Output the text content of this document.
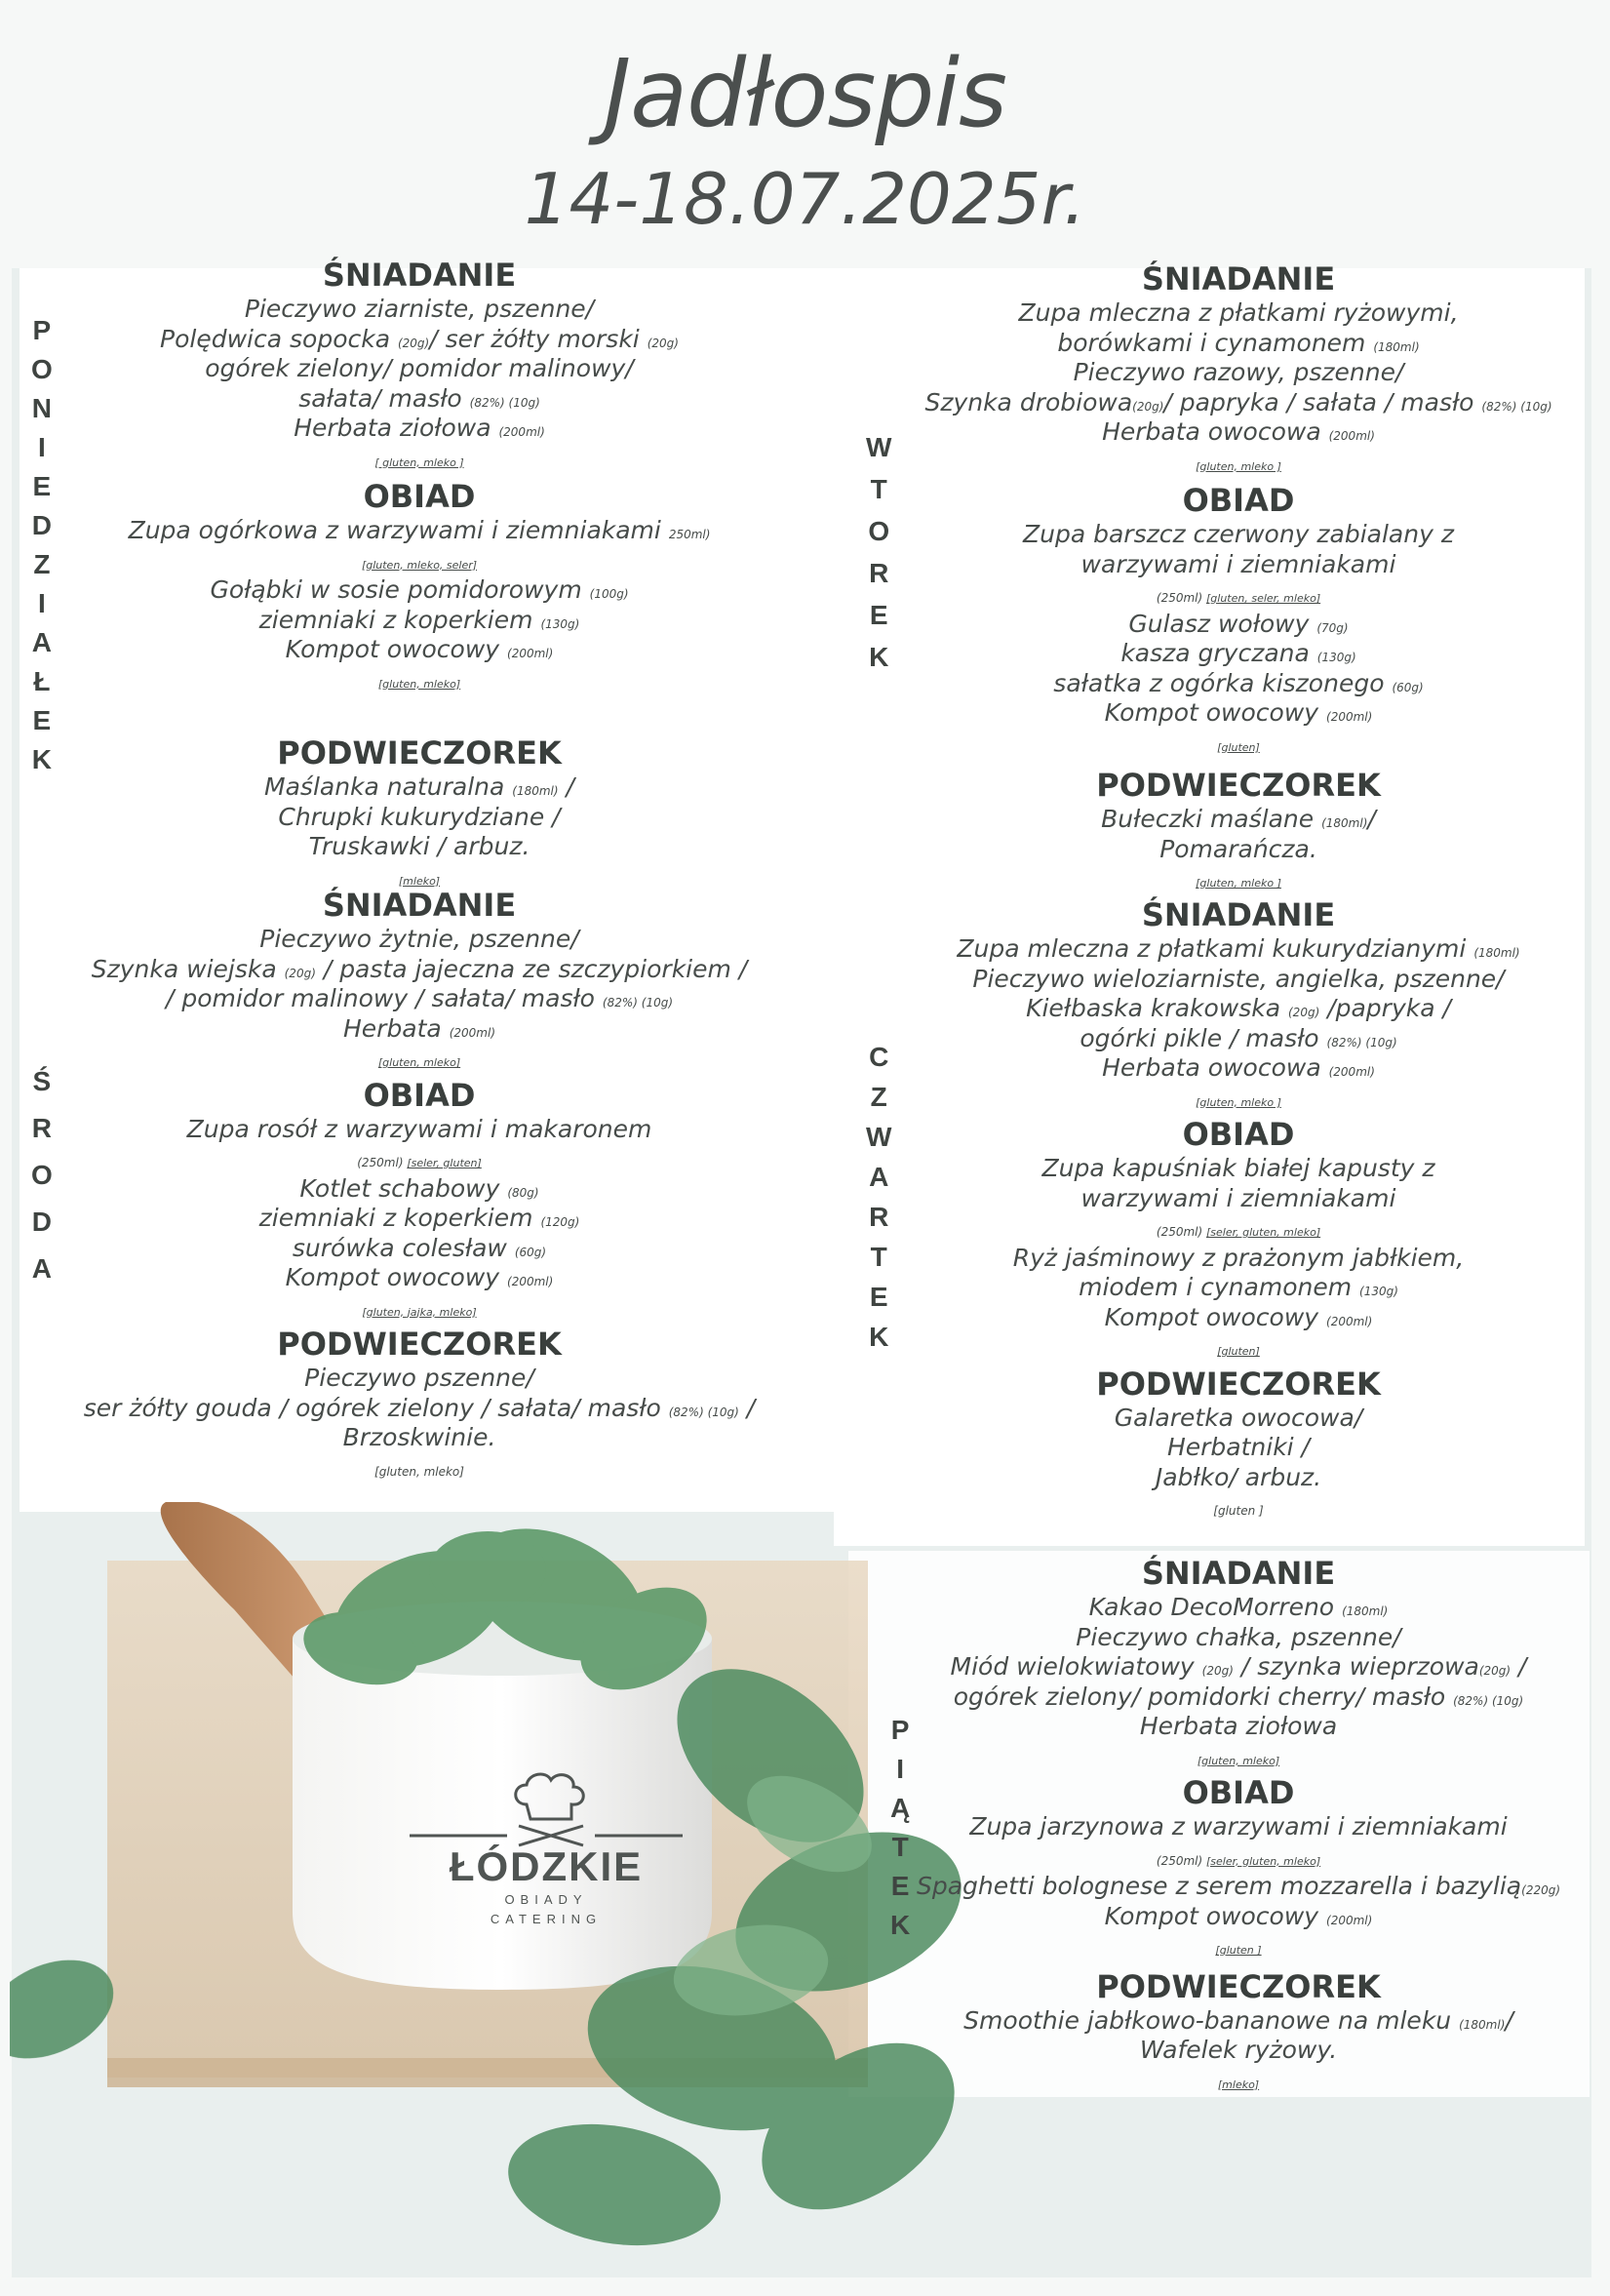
ŁÓDZKIE
OBIADY
CATERING
Jadłospis
14-18.07.2025r.
P
O
N
I
E
D
Z
I
A
Ł
E
K
W
T
O
R
E
K
Ś
R
O
D
A
C
Z
W
A
R
T
E
K
P
I
Ą
T
E
K
ŚNIADANIE
Pieczywo ziarniste, pszenne/
Polędwica sopocka (20g)/ ser żółty morski (20g)
ogórek zielony/ pomidor malinowy/
sałata/ masło (82%) (10g)
Herbata ziołowa (200ml)
[ gluten, mleko ]
OBIAD
Zupa ogórkowa z warzywami i ziemniakami 250ml)
[gluten, mleko, seler]
Gołąbki w sosie pomidorowym (100g)
ziemniaki z koperkiem (130g)
Kompot owocowy (200ml)
[gluten, mleko]
PODWIECZOREK
Maślanka naturalna (180ml) /
Chrupki kukurydziane /
Truskawki / arbuz.
[mleko]
ŚNIADANIE
Zupa mleczna z płatkami ryżowymi,
borówkami i cynamonem (180ml)
Pieczywo razowy, pszenne/
Szynka drobiowa(20g)/ papryka / sałata / masło (82%) (10g)
Herbata owocowa (200ml)
[gluten, mleko ]
OBIAD
Zupa barszcz czerwony zabialany z
warzywami i ziemniakami
(250ml) [gluten, seler, mleko]
Gulasz wołowy (70g)
kasza gryczana (130g)
sałatka z ogórka kiszonego (60g)
Kompot owocowy (200ml)
[gluten]
PODWIECZOREK
Bułeczki maślane (180ml)/
Pomarańcza.
[gluten, mleko ]
ŚNIADANIE
Pieczywo żytnie, pszenne/
Szynka wiejska (20g) / pasta jajeczna ze szczypiorkiem /
/ pomidor malinowy / sałata/ masło (82%) (10g)
Herbata (200ml)
[gluten, mleko]
OBIAD
Zupa rosół z warzywami i makaronem
(250ml) [seler, gluten]
Kotlet schabowy (80g)
ziemniaki z koperkiem (120g)
surówka colesław (60g)
Kompot owocowy (200ml)
[gluten, jajka, mleko]
PODWIECZOREK
Pieczywo pszenne/
ser żółty gouda / ogórek zielony / sałata/ masło (82%) (10g) /
Brzoskwinie.
[gluten, mleko]
ŚNIADANIE
Zupa mleczna z płatkami kukurydzianymi (180ml)
Pieczywo wieloziarniste, angielka, pszenne/
Kiełbaska krakowska (20g) /papryka /
ogórki pikle / masło (82%) (10g)
Herbata owocowa (200ml)
[gluten, mleko ]
OBIAD
Zupa kapuśniak białej kapusty z
warzywami i ziemniakami
(250ml) [seler, gluten, mleko]
Ryż jaśminowy z prażonym jabłkiem,
miodem i cynamonem (130g)
Kompot owocowy (200ml)
[gluten]
PODWIECZOREK
Galaretka owocowa/
Herbatniki /
Jabłko/ arbuz.
[gluten ]
ŚNIADANIE
Kakao DecoMorreno (180ml)
Pieczywo chałka, pszenne/
Miód wielokwiatowy (20g) / szynka wieprzowa(20g) /
ogórek zielony/ pomidorki cherry/ masło (82%) (10g)
Herbata ziołowa
[gluten, mleko]
OBIAD
Zupa jarzynowa z warzywami i ziemniakami
(250ml) [seler, gluten, mleko]
Spaghetti bolognese z serem mozzarella i bazylią(220g)
Kompot owocowy (200ml)
[gluten ]
PODWIECZOREK
Smoothie jabłkowo-bananowe na mleku (180ml)/
Wafelek ryżowy.
[mleko]
